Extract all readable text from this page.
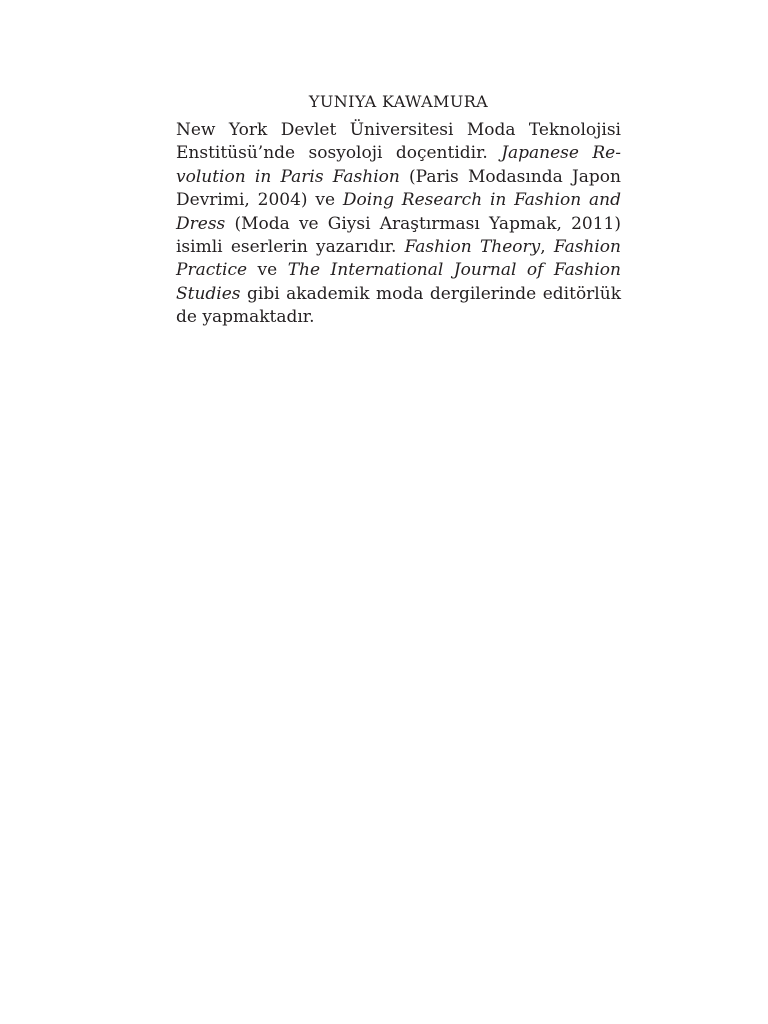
YUNIYA KAWAMURA

New York Devlet Üniversitesi Moda Teknolojisi Enstitüsü’nde sosyoloji doçentidir. Japanese Revolution in Paris Fashion (Paris Modasında Japon Devrimi, 2004) ve Doing Research in Fashion and Dress (Moda ve Giysi Araştırması Yapmak, 2011) isimli eserlerin yazarıdır. Fashion Theory, Fashion Practice ve The International Journal of Fashion Studies gibi akademik moda dergilerinde editörlük de yapmaktadır.
